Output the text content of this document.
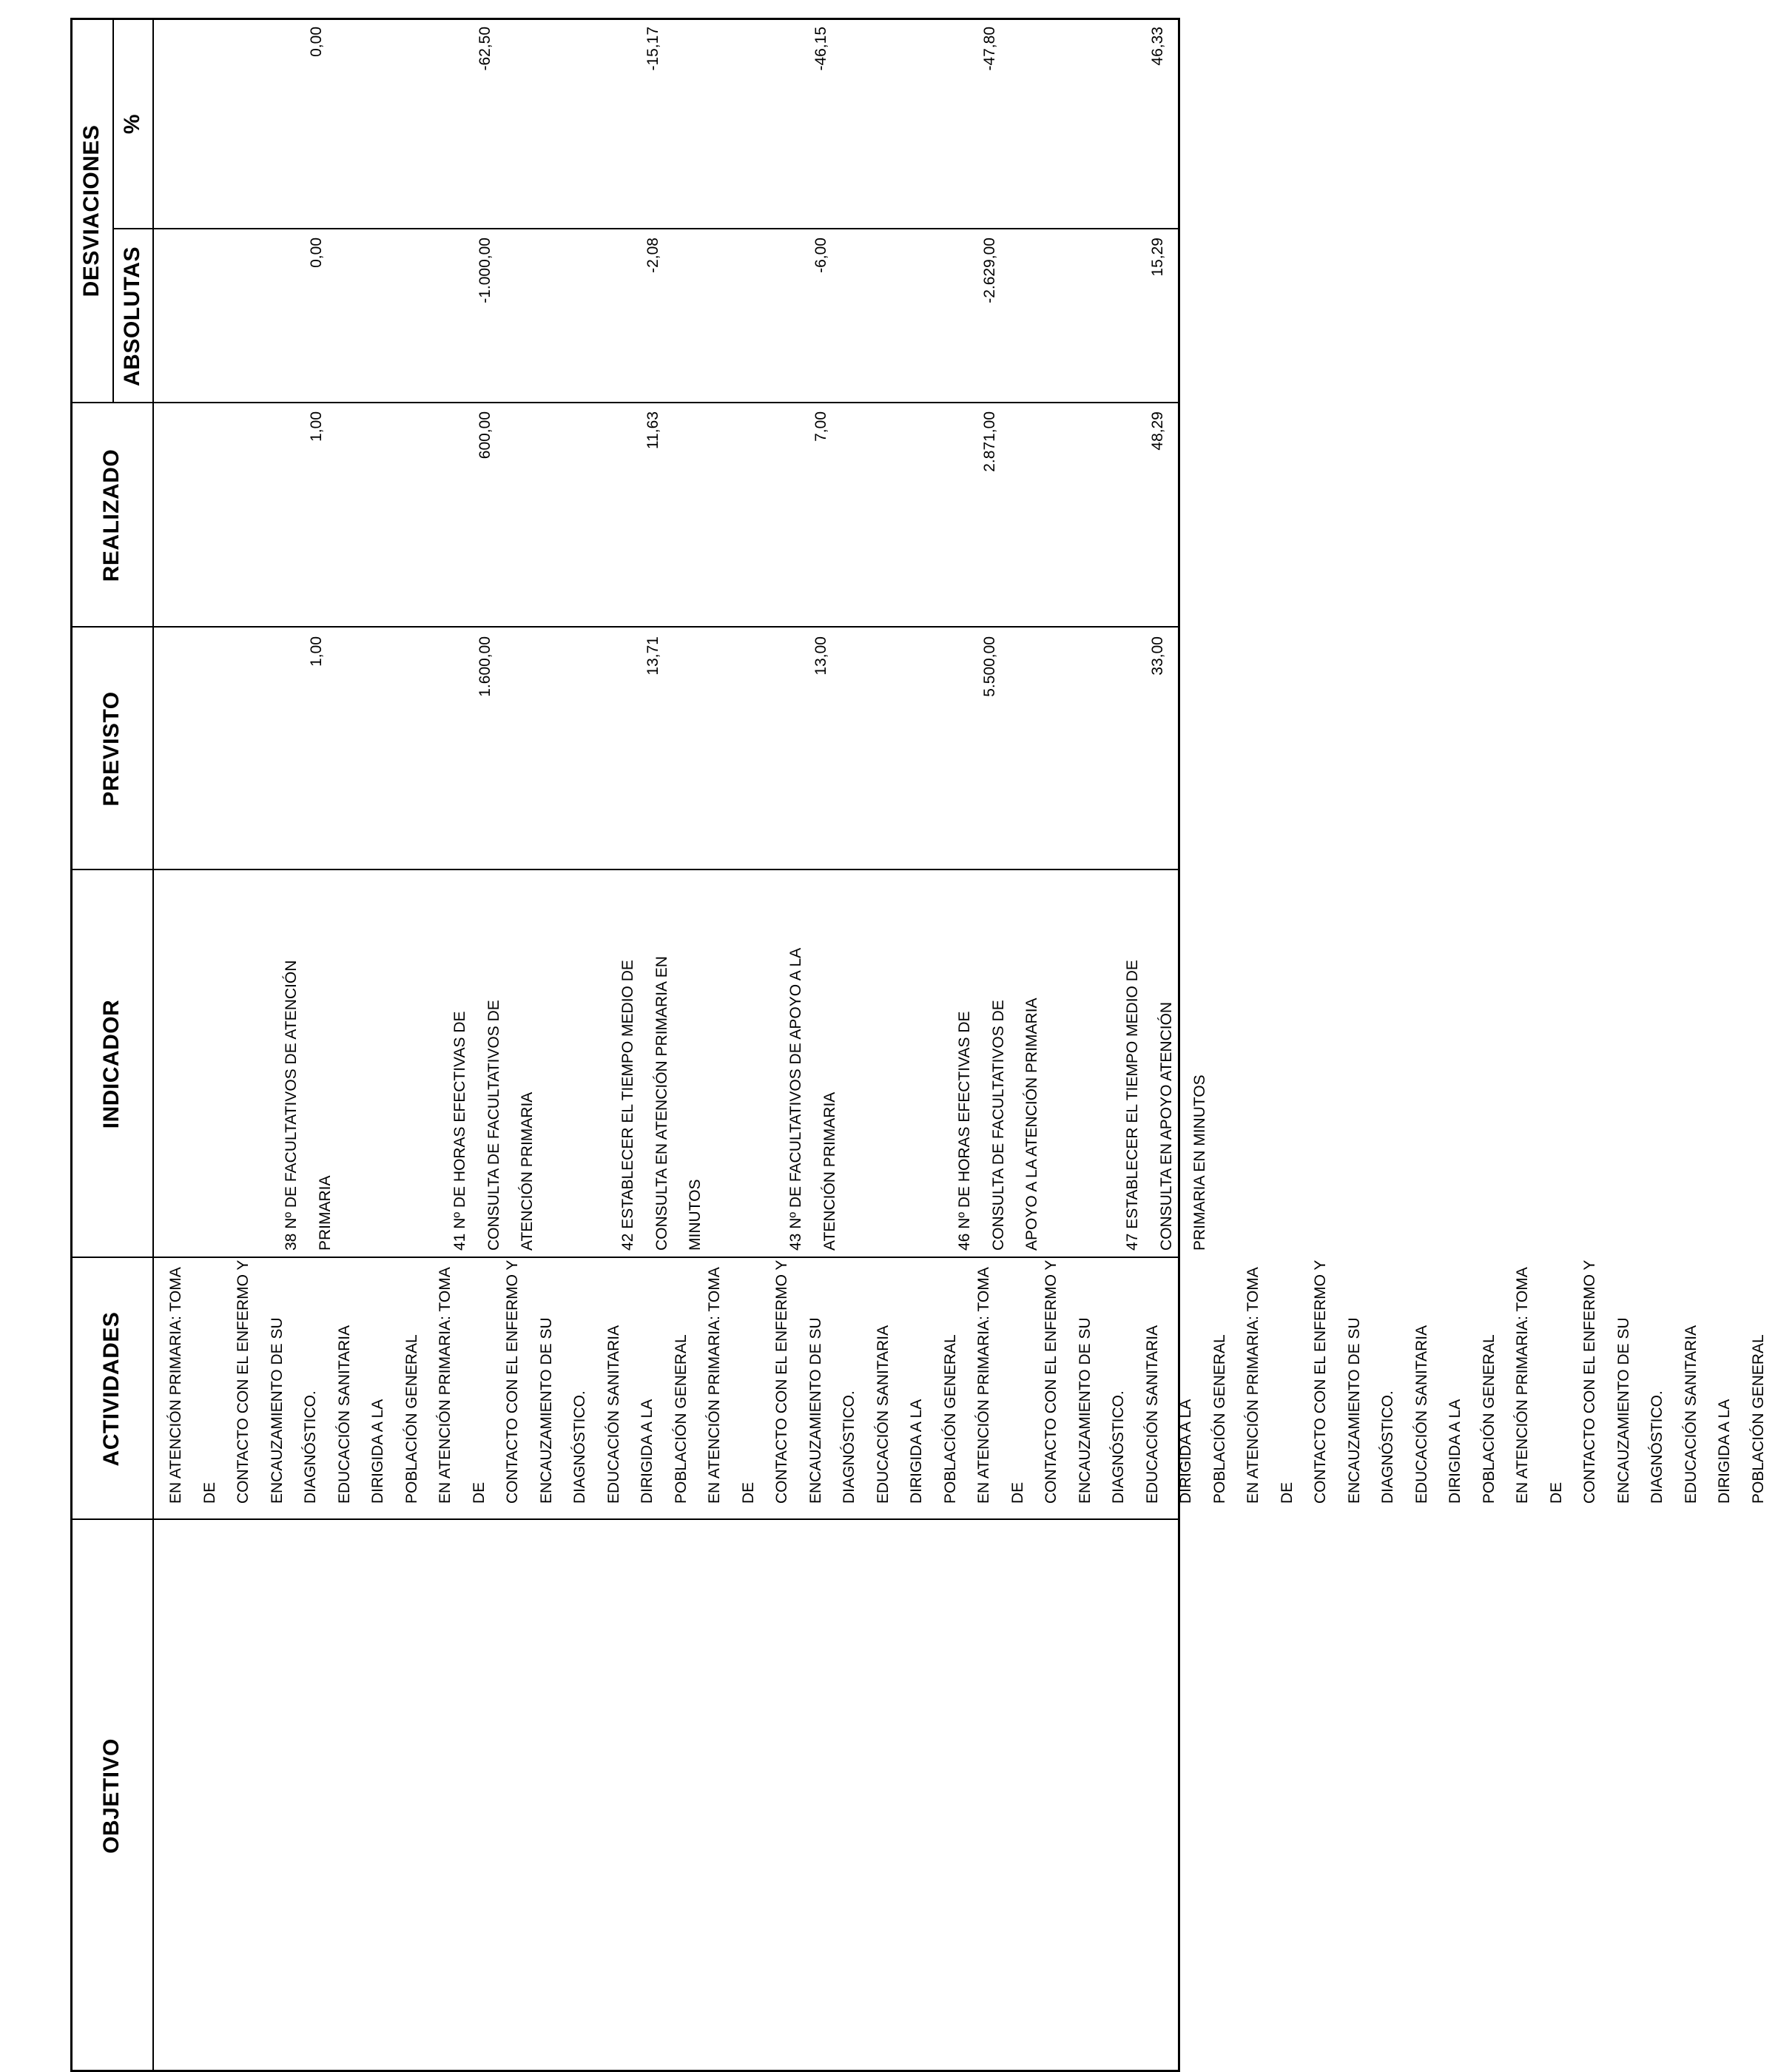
OBJETIVO
ACTIVIDADES
INDICADOR
PREVISTO
REALIZADO
DESVIACIONES
ABSOLUTAS
%
EN ATENCIÓN PRIMARIA: TOMA DE
CONTACTO CON EL ENFERMO Y
ENCAUZAMIENTO DE SU DIAGNÓSTICO.
EDUCACIÓN SANITARIA DIRIGIDA A LA
POBLACIÓN GENERAL
EN ATENCIÓN PRIMARIA: TOMA DE
CONTACTO CON EL ENFERMO Y
ENCAUZAMIENTO DE SU DIAGNÓSTICO.
EDUCACIÓN SANITARIA DIRIGIDA A LA
POBLACIÓN GENERAL
EN ATENCIÓN PRIMARIA: TOMA DE
CONTACTO CON EL ENFERMO Y
ENCAUZAMIENTO DE SU DIAGNÓSTICO.
EDUCACIÓN SANITARIA DIRIGIDA A LA
POBLACIÓN GENERAL
EN ATENCIÓN PRIMARIA: TOMA DE
CONTACTO CON EL ENFERMO Y
ENCAUZAMIENTO DE SU DIAGNÓSTICO.
EDUCACIÓN SANITARIA DIRIGIDA A LA
POBLACIÓN GENERAL
EN ATENCIÓN PRIMARIA: TOMA DE
CONTACTO CON EL ENFERMO Y
ENCAUZAMIENTO DE SU DIAGNÓSTICO.
EDUCACIÓN SANITARIA DIRIGIDA A LA
POBLACIÓN GENERAL
EN ATENCIÓN PRIMARIA: TOMA DE
CONTACTO CON EL ENFERMO Y
ENCAUZAMIENTO DE SU DIAGNÓSTICO.
EDUCACIÓN SANITARIA DIRIGIDA A LA
POBLACIÓN GENERAL
38 Nº DE FACULTATIVOS DE ATENCIÓN
PRIMARIA	41 Nº DE HORAS EFECTIVAS DE
CONSULTA DE FACULTATIVOS DE
ATENCIÓN PRIMARIA
42 ESTABLECER EL TIEMPO MEDIO DE
CONSULTA EN ATENCIÓN PRIMARIA EN
MINUTOS	43 Nº DE FACULTATIVOS DE APOYO A LA
ATENCIÓN PRIMARIA
46 Nº DE HORAS EFECTIVAS DE
CONSULTA DE FACULTATIVOS DE
APOYO A LA ATENCIÓN PRIMARIA
47 ESTABLECER EL TIEMPO MEDIO DE
CONSULTA EN APOYO ATENCIÓN
PRIMARIA EN MINUTOS
1,00
1,00
0,00
0,00
1.600,00
600,00
-1.000,00
-62,50
13,71
11,63
-2,08
-15,17
13,00
7,00
-6,00
-46,15
5.500,00
2.871,00
-2.629,00
-47,80
33,00
48,29
15,29
46,33
